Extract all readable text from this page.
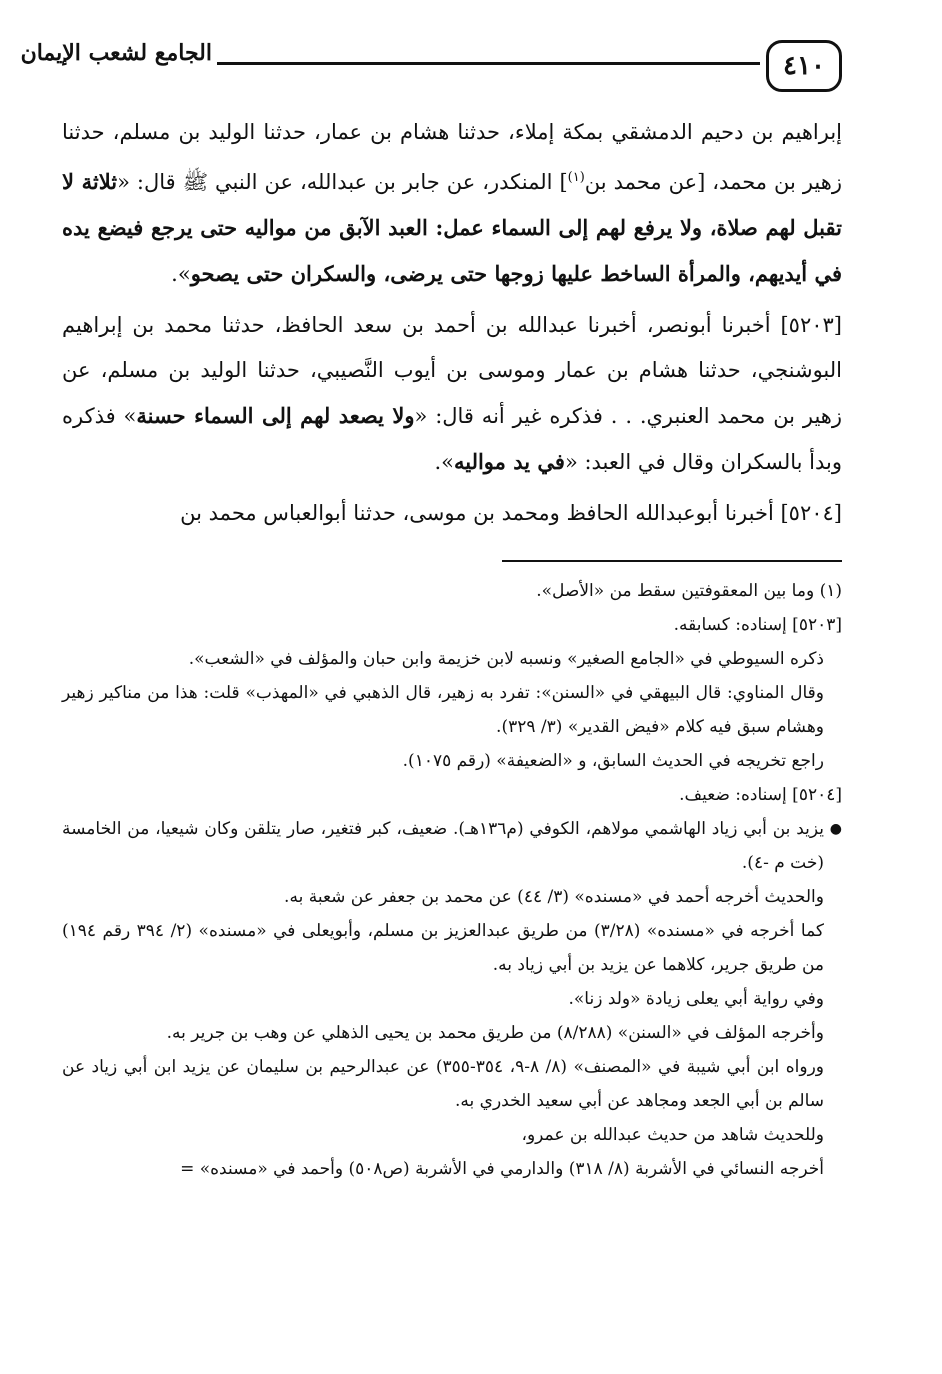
٤١٠
الجامع لشعب الإيمان

إبراهيم بن دحيم الدمشقي بمكة إملاء، حدثنا هشام بن عمار، حدثنا الوليد بن مسلم، حدثنا زهير بن محمد، [عن محمد بن$^{(١)}$] المنكدر، عن جابر بن عبدالله، عن النبي ﷺ قال: «ثلاثة لا تقبل لهم صلاة، ولا يرفع لهم إلى السماء عمل: العبد الآبق من مواليه حتى يرجع فيضع يده في أيديهم، والمرأة الساخط عليها زوجها حتى يرضى، والسكران حتى يصحو».

[٥٢٠٣] أخبرنا أبونصر، أخبرنا عبدالله بن أحمد بن سعد الحافظ، حدثنا محمد بن إبراهيم البوشنجي، حدثنا هشام بن عمار وموسى بن أيوب النَّصيبي، حدثنا الوليد بن مسلم، عن زهير بن محمد العنبري. . . فذكره غير أنه قال: «ولا يصعد لهم إلى السماء حسنة» فذكره وبدأ بالسكران وقال في العبد: «في يد مواليه».

[٥٢٠٤] أخبرنا أبوعبدالله الحافظ ومحمد بن موسى، حدثنا أبوالعباس محمد بن

(١) وما بين المعقوفتين سقط من «الأصل».

[٥٢٠٣] إسناده: كسابقه.

ذكره السيوطي في «الجامع الصغير» ونسبه لابن خزيمة وابن حبان والمؤلف في «الشعب».

وقال المناوي: قال البيهقي في «السنن»: تفرد به زهير، قال الذهبي في «المهذب» قلت: هذا من مناكير زهير وهشام سبق فيه كلام «فيض القدير» (٣/ ٣٢٩).

راجع تخريجه في الحديث السابق، و «الضعيفة» (رقم ١٠٧٥).

[٥٢٠٤] إسناده: ضعيف.

●
يزيد بن أبي زياد الهاشمي مولاهم، الكوفي (م١٣٦هـ). ضعيف، كبر فتغير، صار يتلقن وكان شيعيا، من الخامسة (خت م -٤).

والحديث أخرجه أحمد في «مسنده» (٣/ ٤٤) عن محمد بن جعفر عن شعبة به.

كما أخرجه في «مسنده» (٣/٢٨) من طريق عبدالعزيز بن مسلم، وأبويعلى في «مسنده» (٢/ ٣٩٤ رقم ١٩٤) من طريق جرير، كلاهما عن يزيد بن أبي زياد به.

وفي رواية أبي يعلى زيادة «ولد زنا».

وأخرجه المؤلف في «السنن» (٨/٢٨٨) من طريق محمد بن يحيى الذهلي عن وهب بن جرير به.

ورواه ابن أبي شيبة في «المصنف» (٨/ ٨-٩، ٣٥٤-٣٥٥) عن عبدالرحيم بن سليمان عن يزيد ابن أبي زياد عن سالم بن أبي الجعد ومجاهد عن أبي سعيد الخدري به.

وللحديث شاهد من حديث عبدالله بن عمرو،

أخرجه النسائي في الأشربة (٨/ ٣١٨) والدارمي في الأشربة (ص٥٠٨) وأحمد في «مسنده» =
